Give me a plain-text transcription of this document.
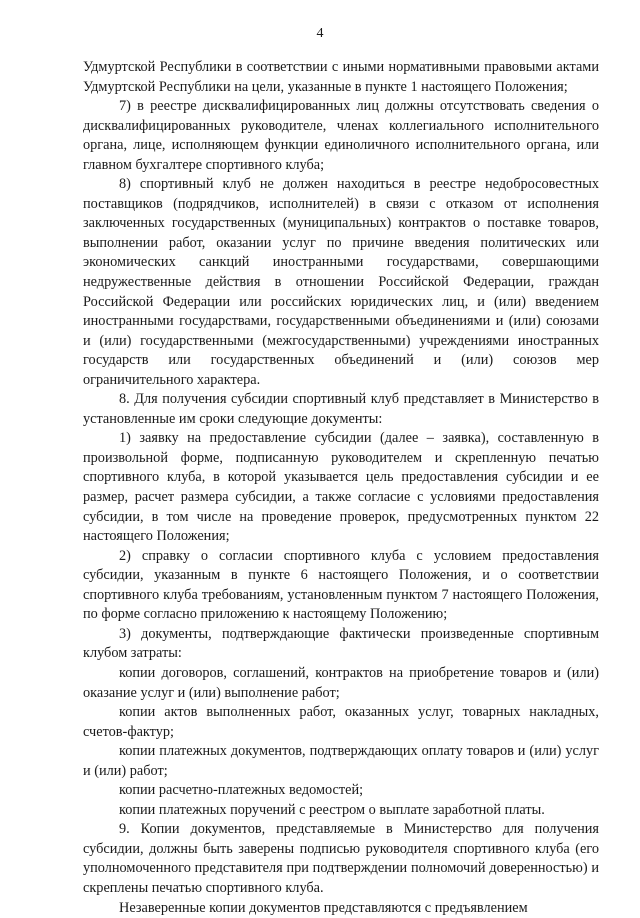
4

Удмуртской Республики в соответствии с иными нормативными правовыми актами Удмуртской Республики на цели, указанные в пункте 1 настоящего Положения;

7) в реестре дисквалифицированных лиц должны отсутствовать сведения о дисквалифицированных руководителе, членах коллегиального исполнительного органа, лице, исполняющем функции единоличного исполнительного органа, или главном бухгалтере спортивного клуба;

8) спортивный клуб не должен находиться в реестре недобросовестных поставщиков (подрядчиков, исполнителей) в связи с отказом от исполнения заключенных государственных (муниципальных) контрактов о поставке товаров, выполнении работ, оказании услуг по причине введения политических или экономических санкций иностранными государствами, совершающими недружественные действия в отношении Российской Федерации, граждан Российской Федерации или российских юридических лиц, и (или) введением иностранными государствами, государственными объединениями и (или) союзами и (или) государственными (межгосударственными) учреждениями иностранных государств или государственных объединений и (или) союзов мер ограничительного характера.

8. Для получения субсидии спортивный клуб представляет в Министерство в установленные им сроки следующие документы:

1) заявку на предоставление субсидии (далее – заявка), составленную в произвольной форме, подписанную руководителем и скрепленную печатью спортивного клуба, в которой указывается цель предоставления субсидии и ее размер, расчет размера субсидии, а также согласие с условиями предоставления субсидии, в том числе на проведение проверок, предусмотренных пунктом 22 настоящего Положения;

2) справку о согласии спортивного клуба с условием предоставления субсидии, указанным в пункте 6 настоящего Положения, и о соответствии спортивного клуба требованиям, установленным пунктом 7 настоящего Положения, по форме согласно приложению к настоящему Положению;

3) документы, подтверждающие фактически произведенные спортивным клубом затраты:

копии договоров, соглашений, контрактов на приобретение товаров и (или) оказание услуг и (или) выполнение работ;

копии актов выполненных работ, оказанных услуг, товарных накладных, счетов-фактур;

копии платежных документов, подтверждающих оплату товаров и (или) услуг и (или) работ;

копии расчетно-платежных ведомостей;

копии платежных поручений с реестром о выплате заработной платы.

9. Копии документов, представляемые в Министерство для получения субсидии, должны быть заверены подписью руководителя спортивного клуба (его уполномоченного представителя при подтверждении полномочий доверенностью) и скреплены печатью спортивного клуба.

Незаверенные копии документов представляются с предъявлением
